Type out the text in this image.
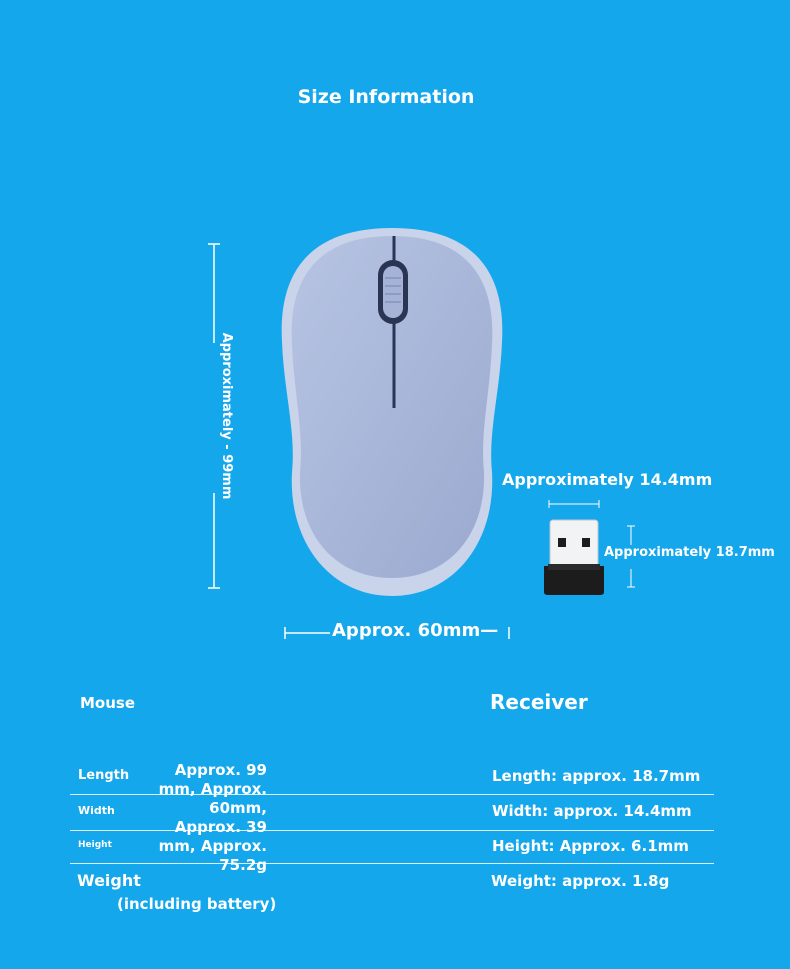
Size Information
Approximately - 99mm
Approx. 60mm—
Approximately 14.4mm
Approximately 18.7mm
Mouse	Receiver
Length
Width
Height
Weight
(including battery)
Approx. 99 mm, Approx. 60mm, Approx. 39 mm, Approx. 75.2g
Length: approx. 18.7mm
Width: approx. 14.4mm
Height: Approx. 6.1mm
Weight: approx. 1.8g
